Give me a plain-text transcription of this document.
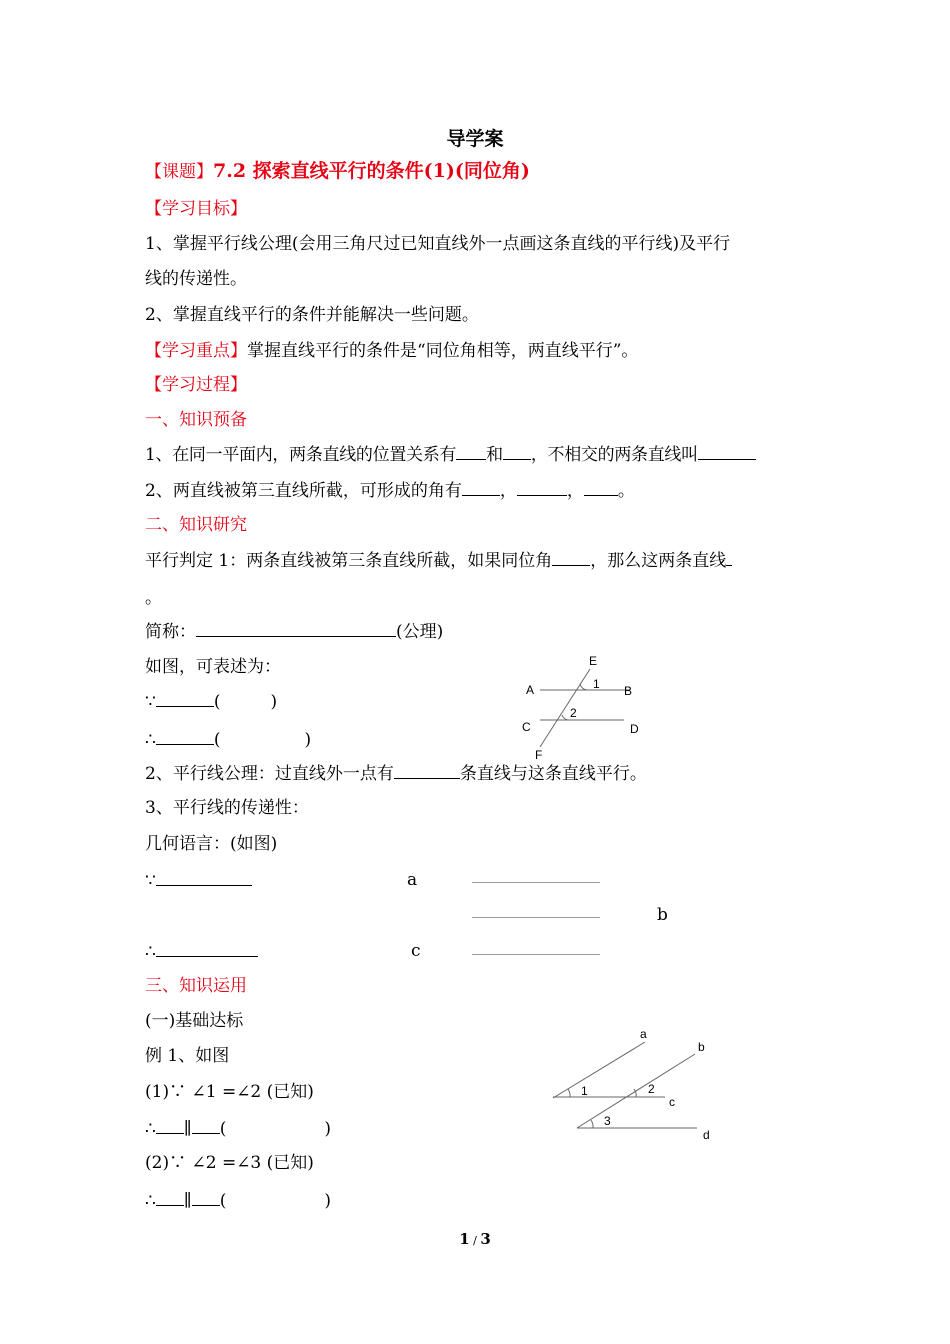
导学案
【课题】7.2 探索直线平行的条件(1)(同位角)
【学习目标】
1、掌握平行线公理(会用三角尺过已知直线外一点画这条直线的平行线)及平行
线的传递性。
2、掌握直线平行的条件并能解决一些问题。
【学习重点】掌握直线平行的条件是“同位角相等，两直线平行”。
【学习过程】
一、知识预备
1、在同一平面内，两条直线的位置关系有 和 ，不相交的两条直线叫
2、两直线被第三直线所截，可形成的角有 ，	， 。
二、知识研究
平行判定 1：两条直线被第三条直线所截，如果同位角 ，那么这两条直线
。
简称：	(公理)
如图，可表述为：
∵	(	)
∴	(	)
E
A	B
C	D
F
1
2
2、平行线公理：过直线外一点有	条直线与这条直线平行。
3、平行线的传递性：
几何语言：(如图)
∵
∴
a
b
c
三、知识运用
(一)基础达标
例 1、如图
(1)∵ ∠1 =∠2 (已知)
∴ ∥ (	)
(2)∵ ∠2 =∠3 (已知)
∴ ∥ (	)
a
b
c
d
1	2
3
1 / 3
